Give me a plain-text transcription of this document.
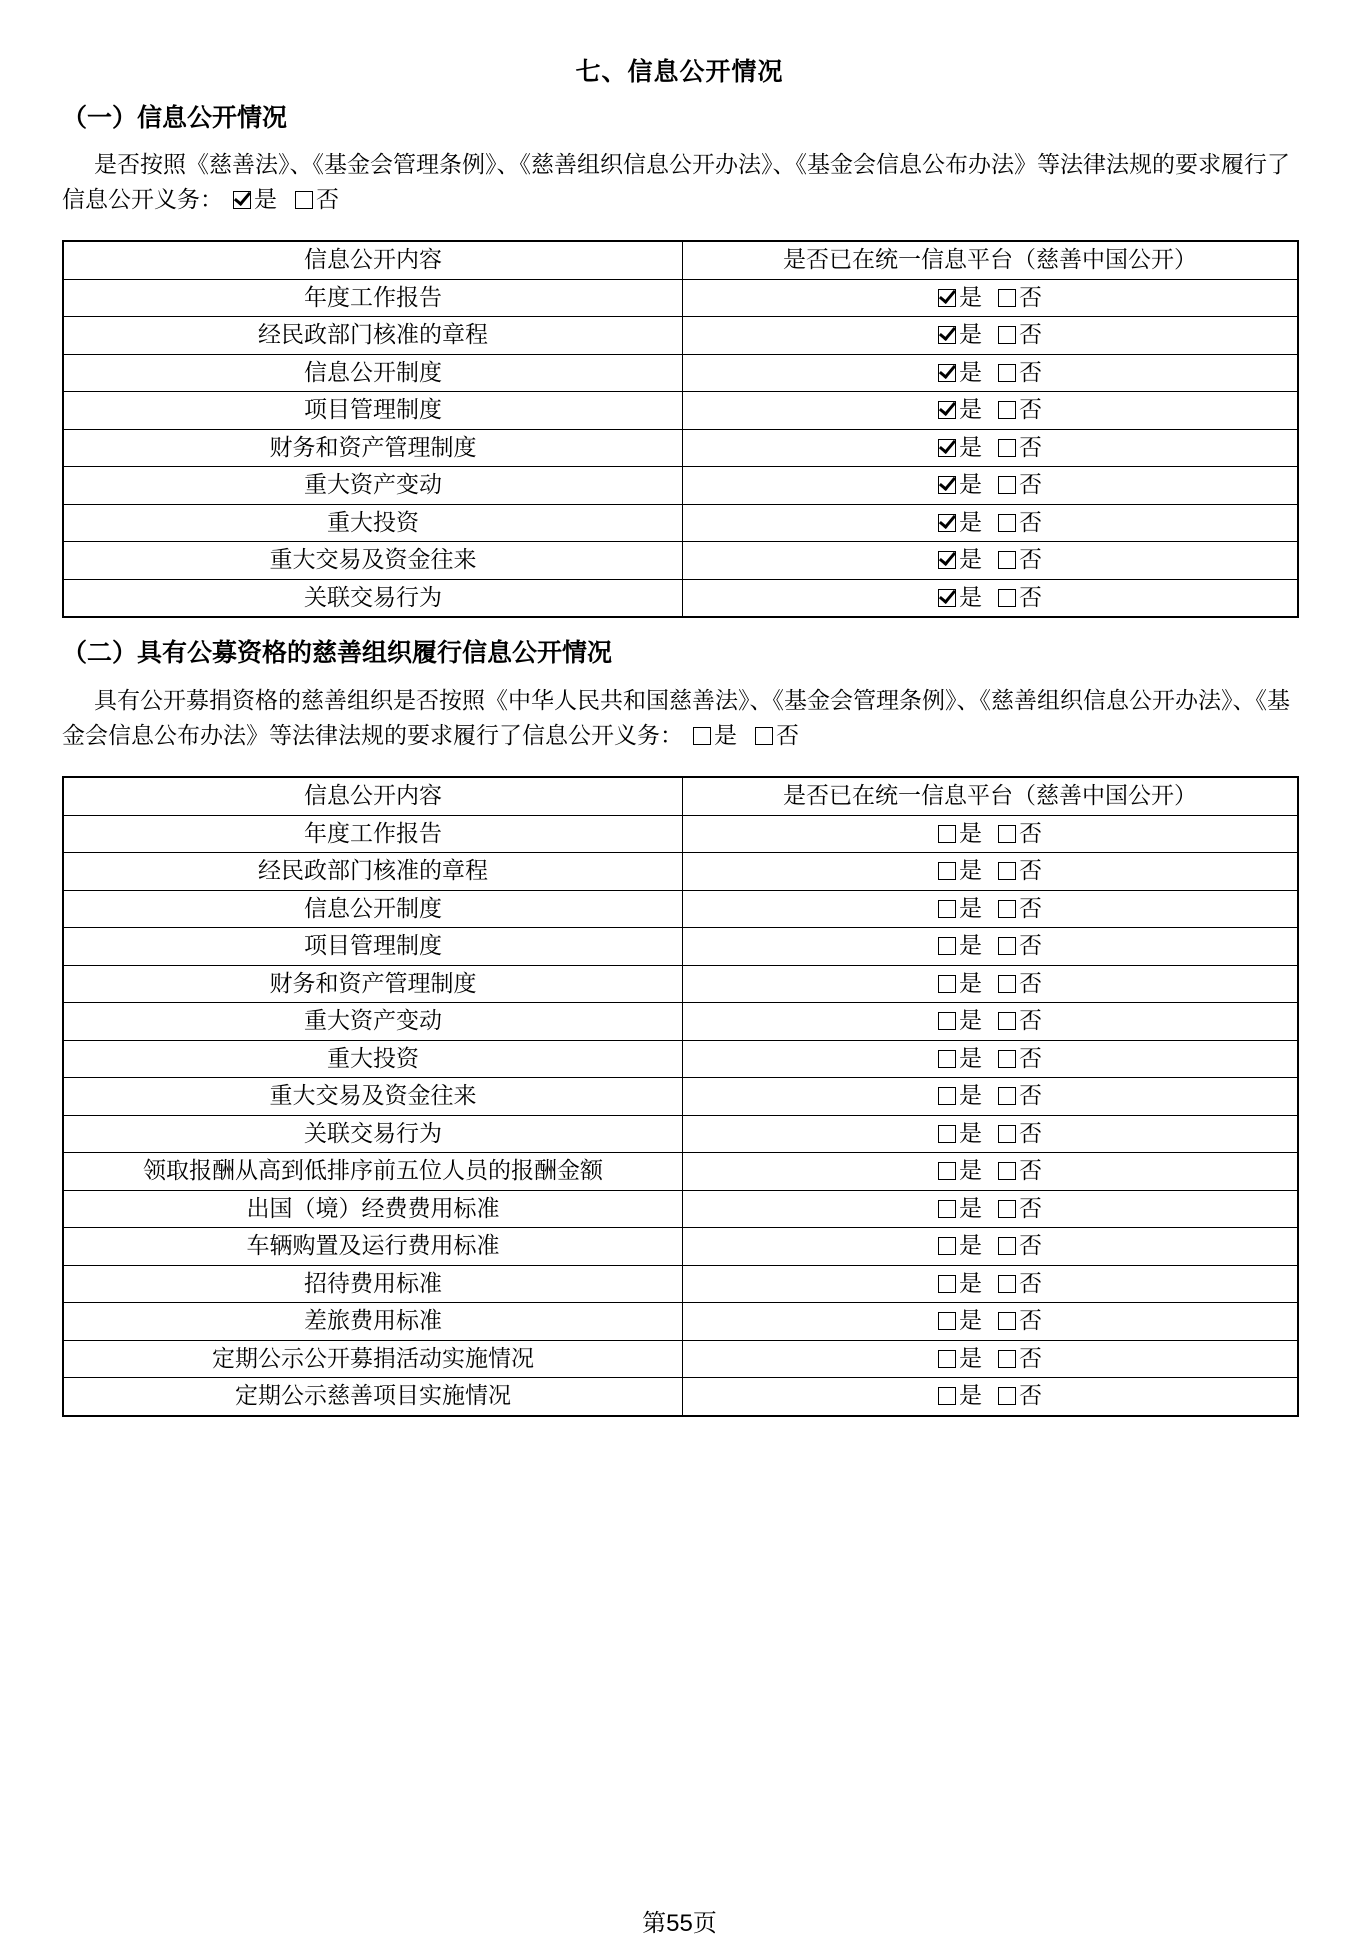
七、信息公开情况
（一）信息公开情况
是否按照《慈善法》、《基金会管理条例》、《慈善组织信息公开办法》、《基金会信息公布办法》等法律法规的要求履行了信息公开义务： 是 否
信息公开内容	是否已在统一信息平台（慈善中国公开）
年度工作报告	是 否
经民政部门核准的章程	是 否
信息公开制度	是 否
项目管理制度	是 否
财务和资产管理制度	是 否
重大资产变动	是 否
重大投资	是 否
重大交易及资金往来	是 否
关联交易行为	是 否
（二）具有公募资格的慈善组织履行信息公开情况
具有公开募捐资格的慈善组织是否按照《中华人民共和国慈善法》、《基金会管理条例》、《慈善组织信息公开办法》、《基金会信息公布办法》等法律法规的要求履行了信息公开义务： 是 否
信息公开内容	是否已在统一信息平台（慈善中国公开）
年度工作报告	是 否
经民政部门核准的章程	是 否
信息公开制度	是 否
项目管理制度	是 否
财务和资产管理制度	是 否
重大资产变动	是 否
重大投资	是 否
重大交易及资金往来	是 否
关联交易行为	是 否
领取报酬从高到低排序前五位人员的报酬金额	是 否
出国（境）经费费用标准	是 否
车辆购置及运行费用标准	是 否
招待费用标准	是 否
差旅费用标准	是 否
定期公示公开募捐活动实施情况	是 否
定期公示慈善项目实施情况	是 否
第55页
